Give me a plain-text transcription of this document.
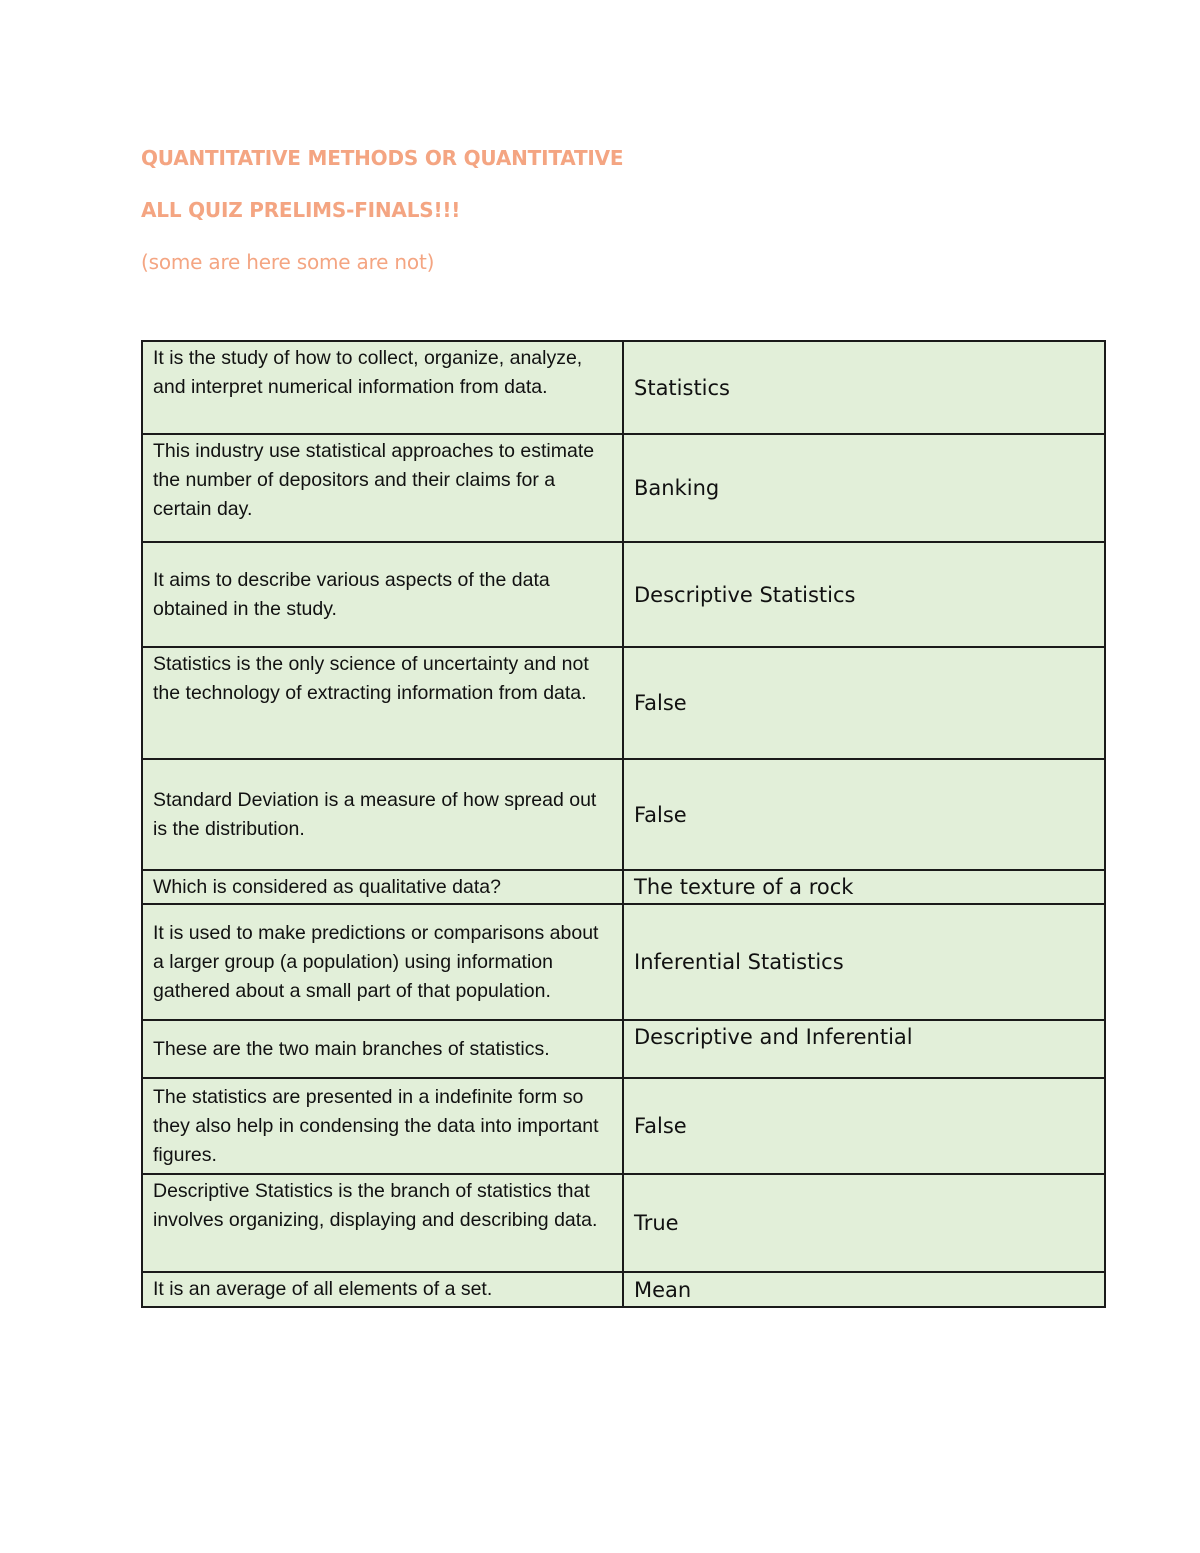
QUANTITATIVE METHODS OR QUANTITATIVE
ALL QUIZ PRELIMS-FINALS!!!

(some are here some are not)

It is the study of how to collect, organize, analyze, and interpret numerical information from data.	Statistics
This industry use statistical approaches to estimate the number of depositors and their claims for a certain day.	Banking
It aims to describe various aspects of the data obtained in the study.	Descriptive Statistics
Statistics is the only science of uncertainty and not the technology of extracting information from data.	False
Standard Deviation is a measure of how spread out is the distribution.	False
Which is considered as qualitative data?	The texture of a rock
It is used to make predictions or comparisons about a larger group (a population) using information gathered about a small part of that population.	Inferential Statistics
These are the two main branches of statistics.	Descriptive and Inferential
The statistics are presented in a indefinite form so they also help in condensing the data into important figures.	False
Descriptive Statistics is the branch of statistics that involves organizing, displaying and describing data.	True
It is an average of all elements of a set.	Mean
